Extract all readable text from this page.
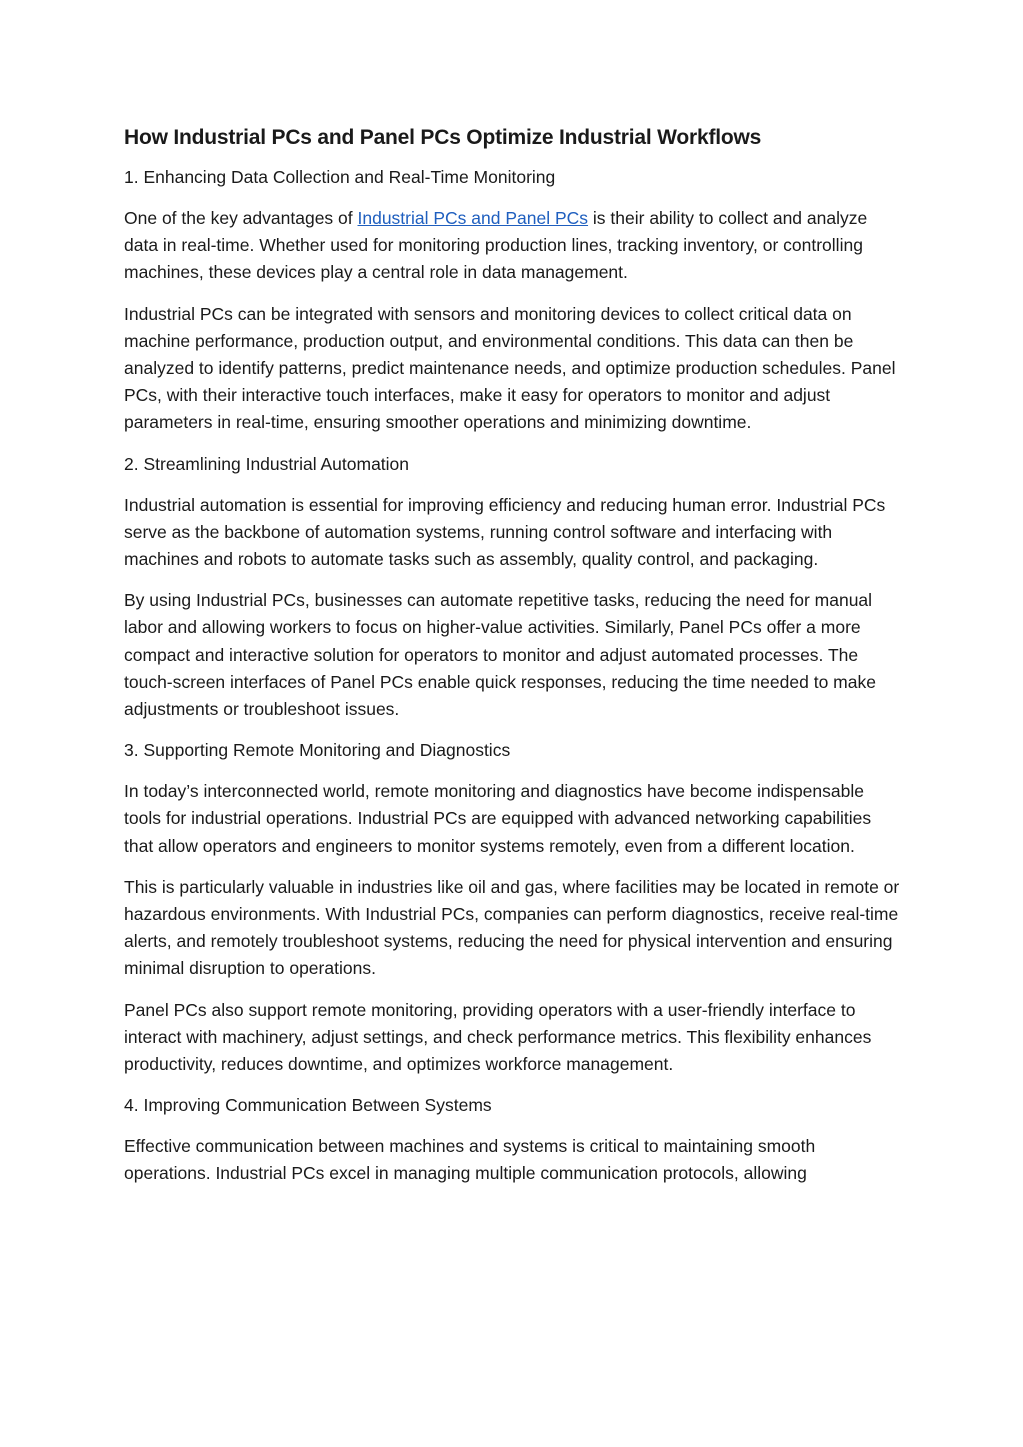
How Industrial PCs and Panel PCs Optimize Industrial Workflows
1. Enhancing Data Collection and Real-Time Monitoring

One of the key advantages of Industrial PCs and Panel PCs is their ability to collect and analyze data in real-time. Whether used for monitoring production lines, tracking inventory, or controlling machines, these devices play a central role in data management.

Industrial PCs can be integrated with sensors and monitoring devices to collect critical data on machine performance, production output, and environmental conditions. This data can then be analyzed to identify patterns, predict maintenance needs, and optimize production schedules. Panel PCs, with their interactive touch interfaces, make it easy for operators to monitor and adjust parameters in real-time, ensuring smoother operations and minimizing downtime.

2. Streamlining Industrial Automation

Industrial automation is essential for improving efficiency and reducing human error. Industrial PCs serve as the backbone of automation systems, running control software and interfacing with machines and robots to automate tasks such as assembly, quality control, and packaging.

By using Industrial PCs, businesses can automate repetitive tasks, reducing the need for manual labor and allowing workers to focus on higher-value activities. Similarly, Panel PCs offer a more compact and interactive solution for operators to monitor and adjust automated processes. The touch-screen interfaces of Panel PCs enable quick responses, reducing the time needed to make adjustments or troubleshoot issues.

3. Supporting Remote Monitoring and Diagnostics

In today’s interconnected world, remote monitoring and diagnostics have become indispensable tools for industrial operations. Industrial PCs are equipped with advanced networking capabilities that allow operators and engineers to monitor systems remotely, even from a different location.

This is particularly valuable in industries like oil and gas, where facilities may be located in remote or hazardous environments. With Industrial PCs, companies can perform diagnostics, receive real-time alerts, and remotely troubleshoot systems, reducing the need for physical intervention and ensuring minimal disruption to operations.

Panel PCs also support remote monitoring, providing operators with a user-friendly interface to interact with machinery, adjust settings, and check performance metrics. This flexibility enhances productivity, reduces downtime, and optimizes workforce management.

4. Improving Communication Between Systems

Effective communication between machines and systems is critical to maintaining smooth operations. Industrial PCs excel in managing multiple communication protocols, allowing
